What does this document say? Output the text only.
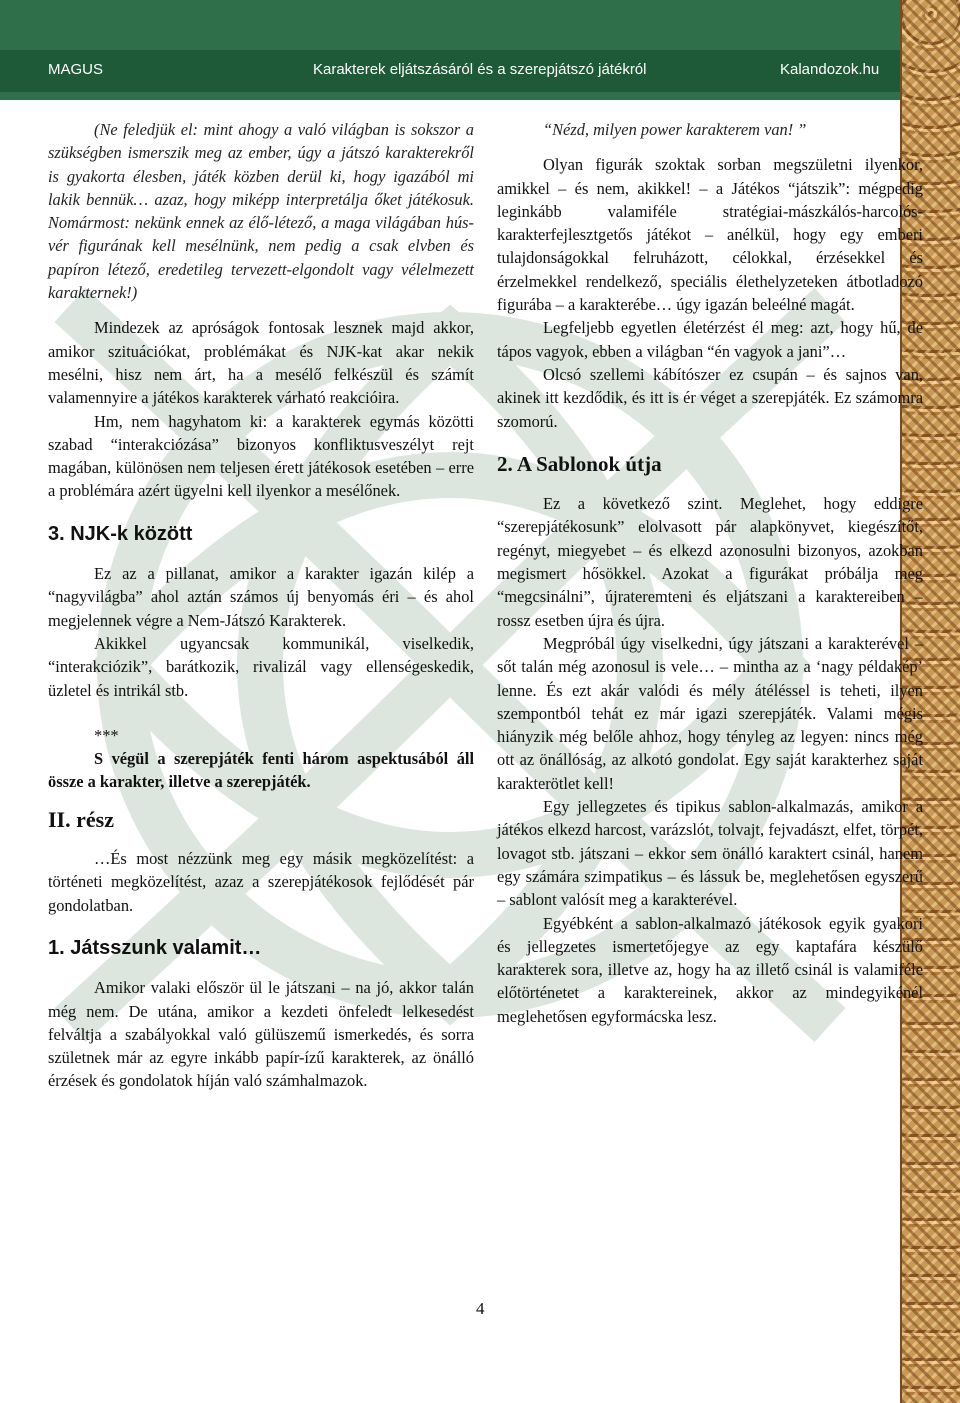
MAGUS	Karakterek eljátszásáról és a szerepjátszó játékról	Kalandozok.hu

(Ne feledjük el: mint ahogy a való világban is sokszor a szükségben ismerszik meg az ember, úgy a játszó karakterekről is gyakorta élesben, játék közben derül ki, hogy igazából mi lakik bennük… azaz, hogy miképp interpretálja őket játékosuk. Nomármost: nekünk ennek az élő-létező, a maga világában hús-vér figurának kell mesélnünk, nem pedig a csak elvben és papíron létező, eredetileg tervezett-elgondolt vagy vélelmezett karakternek!)

Mindezek az apróságok fontosak lesznek majd akkor, amikor szituációkat, problémákat és NJK-kat akar nekik mesélni, hisz nem árt, ha a mesélő felkészül és számít valamennyire a játékos karakterek várható reakcióira.

Hm, nem hagyhatom ki: a karakterek egymás közötti szabad “interakciózása” bizonyos konfliktusveszélyt rejt magában, különösen nem teljesen érett játékosok esetében – erre a problémára azért ügyelni kell ilyenkor a mesélőnek.

3. NJK-k között

Ez az a pillanat, amikor a karakter igazán kilép a “nagyvilágba” ahol aztán számos új benyomás éri – és ahol megjelennek végre a Nem-Játszó Karakterek.

Akikkel ugyancsak kommunikál, viselkedik, “interakciózik”, barátkozik, rivalizál vagy ellenségeskedik, üzletel és intrikál stb.

***

S végül a szerepjáték fenti három aspektusából áll össze a karakter, illetve a szerepjáték.

II. rész

…És most nézzünk meg egy másik megközelítést: a történeti megközelítést, azaz a szerepjátékosok fejlődését pár gondolatban.

1. Játsszunk valamit…

Amikor valaki először ül le játszani – na jó, akkor talán még nem. De utána, amikor a kezdeti önfeledt lelkesedést felváltja a szabályokkal való gülüszemű ismerkedés, és sorra születnek már az egyre inkább papír-ízű karakterek, az önálló érzések és gondolatok híján való számhalmazok.

“Nézd, milyen power karakterem van! ”

Olyan figurák szoktak sorban megszületni ilyenkor, amikkel – és nem, akikkel! – a Játékos “játszik”: mégpedig leginkább valamiféle stratégiai-mászkálós-harcolós-karakterfejlesztgetős játékot – anélkül, hogy egy emberi tulajdonságokkal felruházott, célokkal, érzésekkel és érzelmekkel rendelkező, speciális élethelyzeteken átbotladozó figurába – a karakterébe… úgy igazán beleélné magát.

Legfeljebb egyetlen életérzést él meg: azt, hogy hű, de tápos vagyok, ebben a világban “én vagyok a jani”…

Olcsó szellemi kábítószer ez csupán – és sajnos van, akinek itt kezdődik, és itt is ér véget a szerepjáték. Ez számomra szomorú.

2. A Sablonok útja

Ez a következő szint. Meglehet, hogy eddigre “szerepjátékosunk” elolvasott pár alapkönyvet, kiegészítőt, regényt, miegyebet – és elkezd azonosulni bizonyos, azokban megismert hősökkel. Azokat a figurákat próbálja meg “megcsinálni”, újrateremteni és eljátszani a karaktereiben – rossz esetben újra és újra.

Megpróbál úgy viselkedni, úgy játszani a karakterével – sőt talán még azonosul is vele… – mintha az a ‘nagy példakép’ lenne. És ezt akár valódi és mély átéléssel is teheti, ilyen szempontból tehát ez már igazi szerepjáték. Valami mégis hiányzik még belőle ahhoz, hogy tényleg az legyen: nincs még ott az önállóság, az alkotó gondolat. Egy saját karakterhez saját karakterötlet kell!

Egy jellegzetes és tipikus sablon-alkalmazás, amikor a játékos elkezd harcost, varázslót, tolvajt, fejvadászt, elfet, törpét, lovagot stb. játszani – ekkor sem önálló karaktert csinál, hanem egy számára szimpatikus – és lássuk be, meglehetősen egyszerű – sablont valósít meg a karakterével.

Egyébként a sablon-alkalmazó játékosok egyik gyakori és jellegzetes ismertetőjegye az egy kaptafára készülő karakterek sora, illetve az, hogy ha az illető csinál is valamiféle előtörténetet a karaktereinek, akkor az mindegyikénél meglehetősen egyformácska lesz.

4
